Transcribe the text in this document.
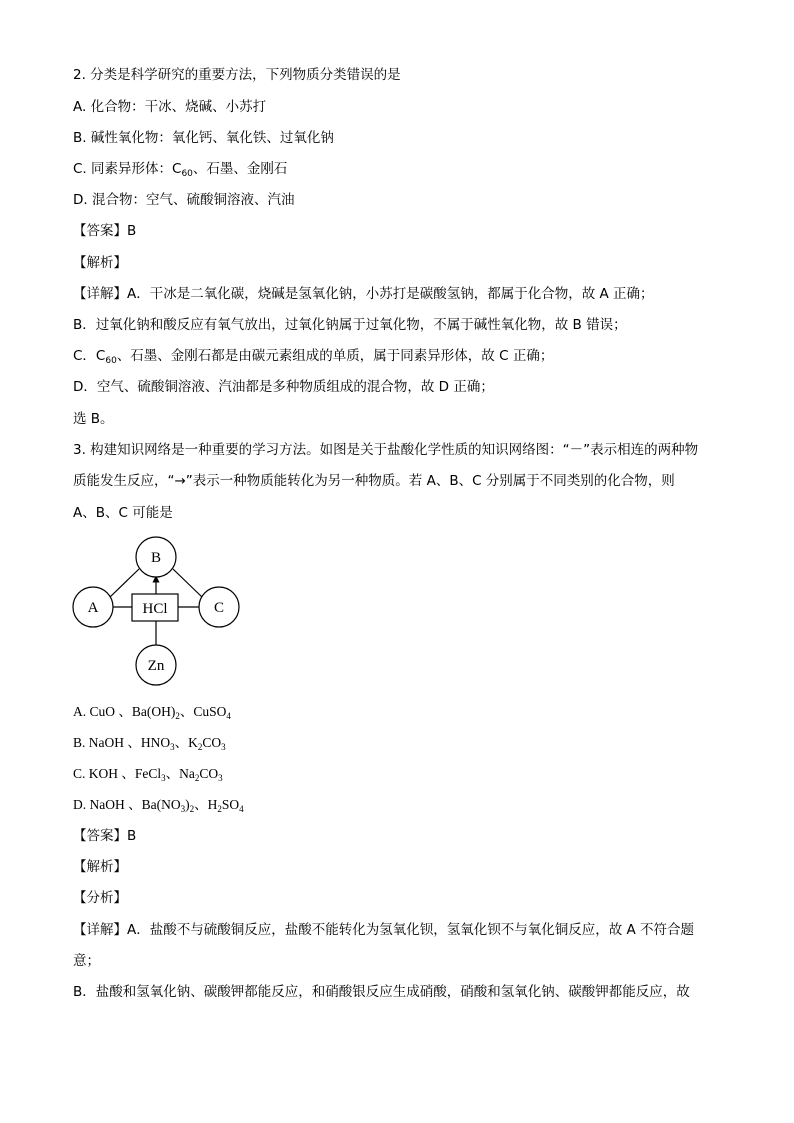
2. 分类是科学研究的重要方法，下列物质分类错误的是
A. 化合物：干冰、烧碱、小苏打
B. 碱性氧化物：氧化钙、氧化铁、过氧化钠
C. 同素异形体：$C_{60}$、石墨、金刚石
D. 混合物：空气、硫酸铜溶液、汽油
【答案】B
【解析】
【详解】A．干冰是二氧化碳，烧碱是氢氧化钠，小苏打是碳酸氢钠，都属于化合物，故 A 正确；
B．过氧化钠和酸反应有氧气放出，过氧化钠属于过氧化物，不属于碱性氧化物，故 B 错误；
C．$C_{60}$、石墨、金刚石都是由碳元素组成的单质，属于同素异形体，故 C 正确；
D．空气、硫酸铜溶液、汽油都是多种物质组成的混合物，故 D 正确；
选 B。
3. 构建知识网络是一种重要的学习方法。如图是关于盐酸化学性质的知识网络图：“－”表示相连的两种物
质能发生反应，“→”表示一种物质能转化为另一种物质。若 A、B、C 分别属于不同类别的化合物，则
A、B、C 可能是
B
A	C
HCl
Zn
A. CuO 、$Ba(OH)_2$、CuSO$_4$
B. NaOH 、$HNO_3$、$K_2CO_3$
C. KOH 、FeCl$_3$、$Na_2CO_3$
D. NaOH 、$Ba(NO_3)_2$、$H_2SO_4$
【答案】B
【解析】
【分析】
【详解】A．盐酸不与硫酸铜反应，盐酸不能转化为氢氧化钡，氢氧化钡不与氧化铜反应，故 A 不符合题
意；
B．盐酸和氢氧化钠、碳酸钾都能反应，和硝酸银反应生成硝酸，硝酸和氢氧化钠、碳酸钾都能反应，故
